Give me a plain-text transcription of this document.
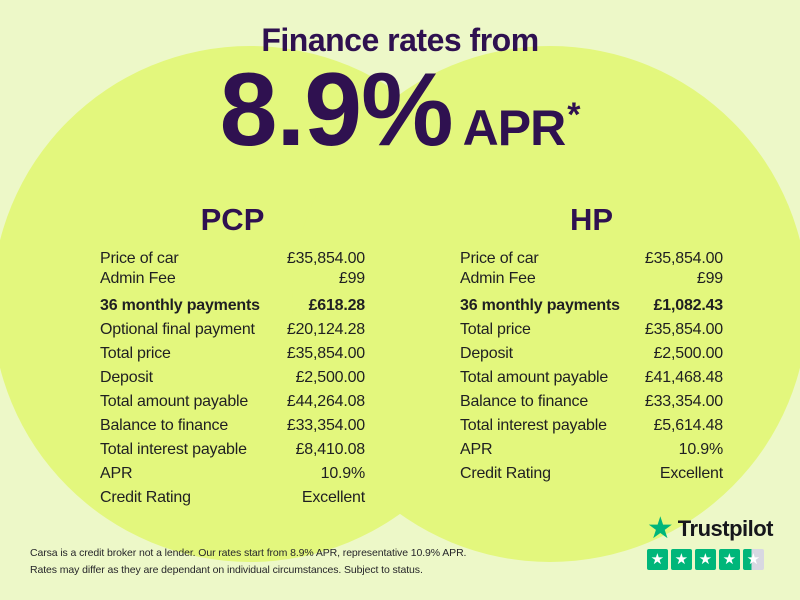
Finance rates from
8.9% APR *
PCP
Price of car	£35,854.00
Admin Fee	£99
36 monthly payments	£618.28
Optional final payment £20,124.28
Total price	£35,854.00
Deposit	£2,500.00
Total amount payable £44,264.08
Balance to finance	£33,354.00
Total interest payable	£8,410.08
APR	10.9%
Credit Rating	Excellent
HP
Price of car	£35,854.00
Admin Fee	£99
36 monthly payments £1,082.43
Total price	£35,854.00
Deposit	£2,500.00
Total amount payable £41,468.48
Balance to finance	£33,354.00
Total interest payable	£5,614.48
APR	10.9%
Credit Rating	Excellent

Carsa is a credit broker not a lender. Our rates start from 8.9% APR, representative 10.9% APR.
Rates may differ as they are dependant on individual circumstances. Subject to status.

★ Trustpilot
★ ★ ★ ★ ★
